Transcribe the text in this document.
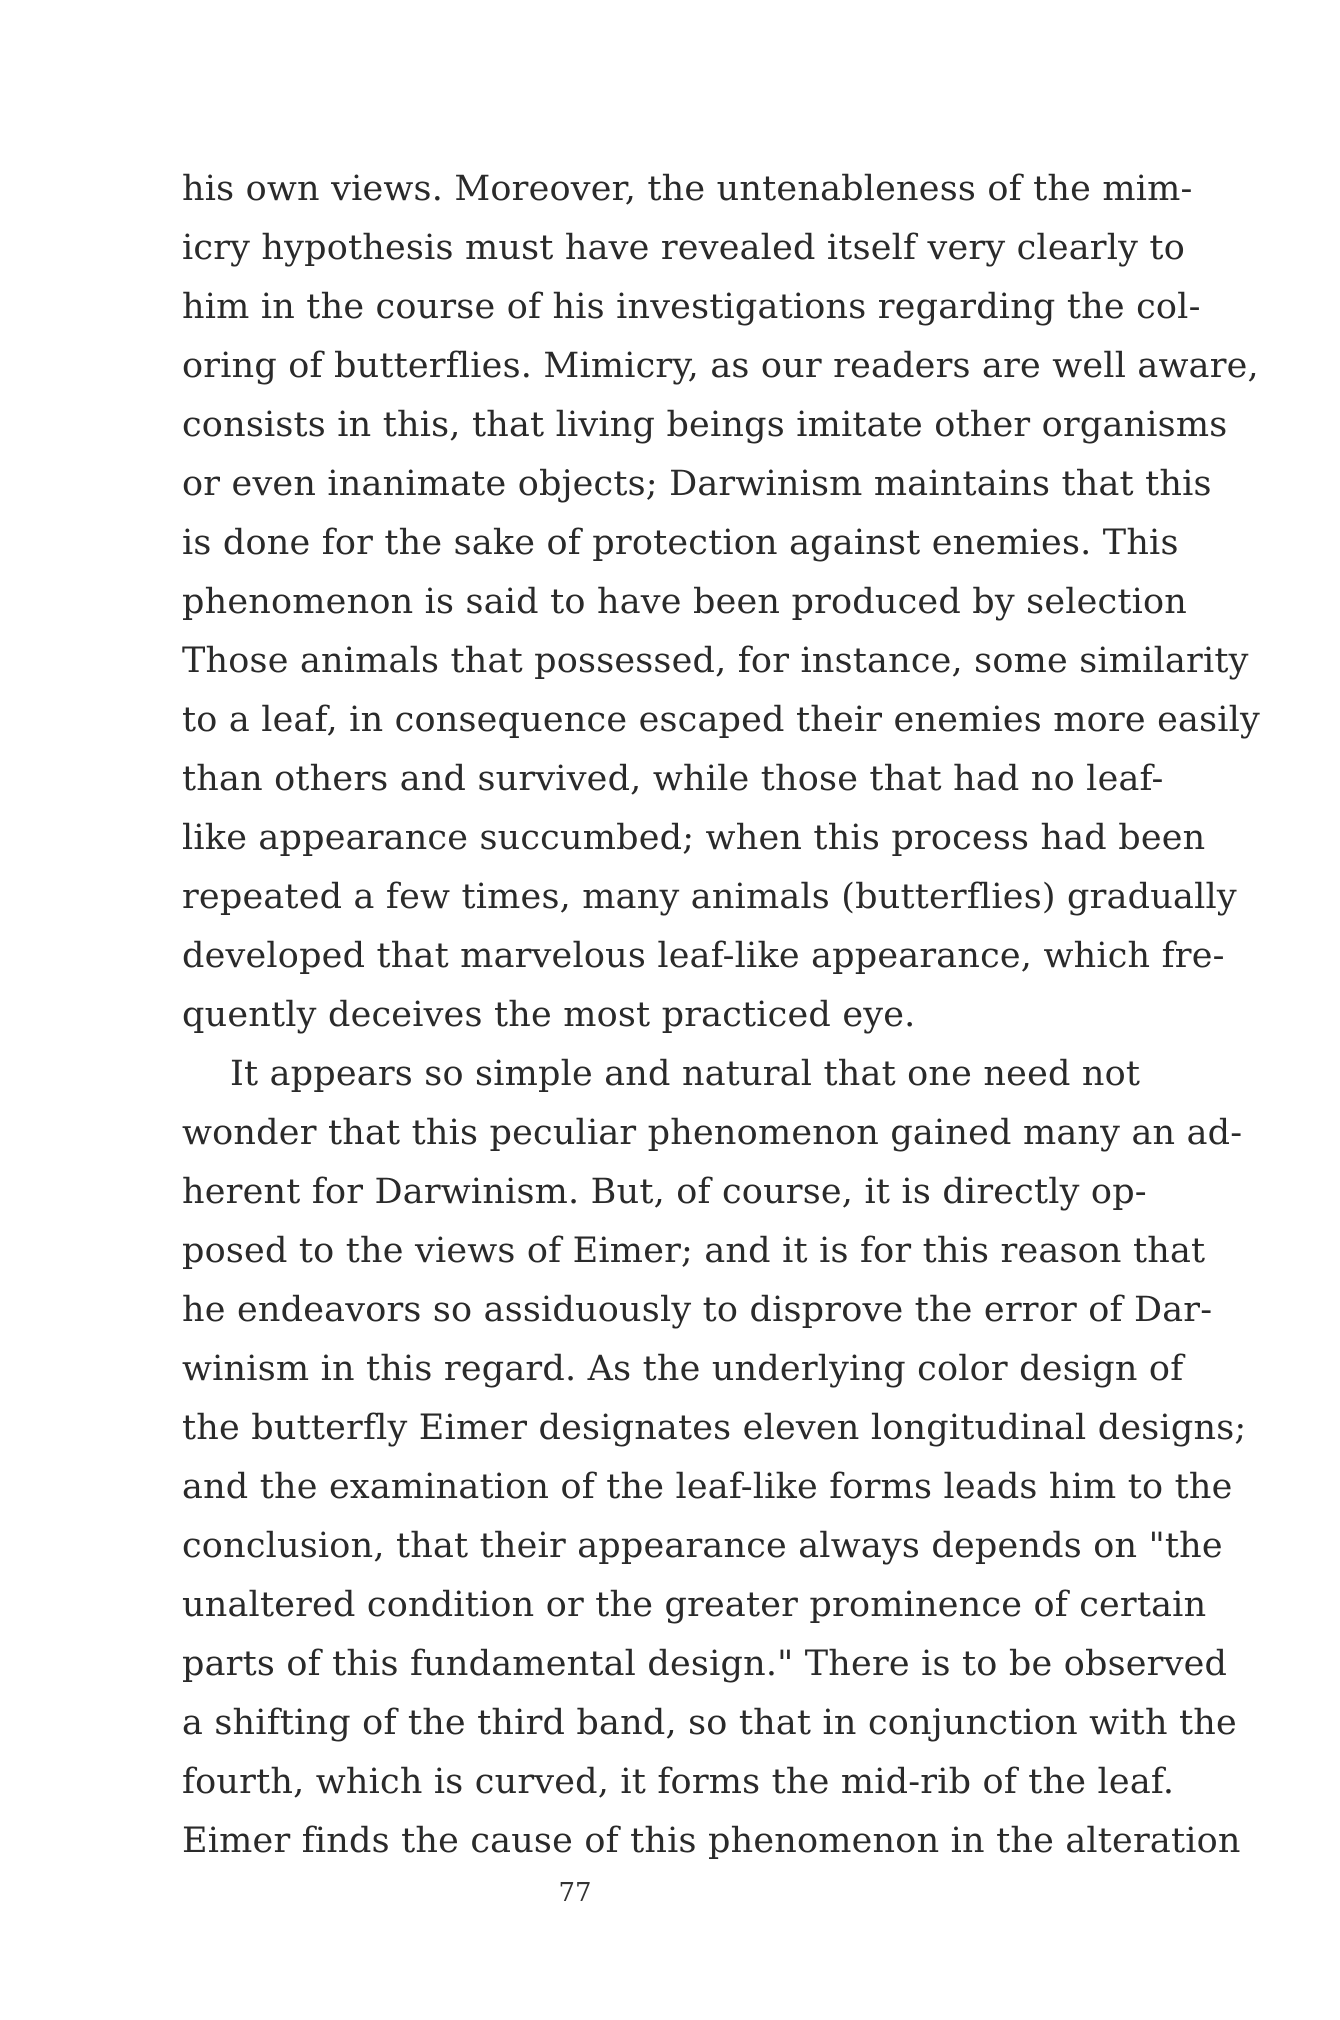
his own views. Moreover, the untenableness of the mim-
icry hypothesis must have revealed itself very clearly to
him in the course of his investigations regarding the col-
oring of butterflies. Mimicry, as our readers are well aware,
consists in this, that living beings imitate other organisms
or even inanimate objects; Darwinism maintains that this
is done for the sake of protection against enemies. This
phenomenon is said to have been produced by selection
Those animals that possessed, for instance, some similarity
to a leaf, in consequence escaped their enemies more easily
than others and survived, while those that had no leaf-
like appearance succumbed; when this process had been
repeated a few times, many animals (butterflies) gradually
developed that marvelous leaf-like appearance, which fre-
quently deceives the most practiced eye.
It appears so simple and natural that one need not
wonder that this peculiar phenomenon gained many an ad-
herent for Darwinism. But, of course, it is directly op-
posed to the views of Eimer; and it is for this reason that
he endeavors so assiduously to disprove the error of Dar-
winism in this regard. As the underlying color design of
the butterfly Eimer designates eleven longitudinal designs;
and the examination of the leaf-like forms leads him to the
conclusion, that their appearance always depends on "the
unaltered condition or the greater prominence of certain
parts of this fundamental design." There is to be observed
a shifting of the third band, so that in conjunction with the
fourth, which is curved, it forms the mid-rib of the leaf.
Eimer finds the cause of this phenomenon in the alteration
77
